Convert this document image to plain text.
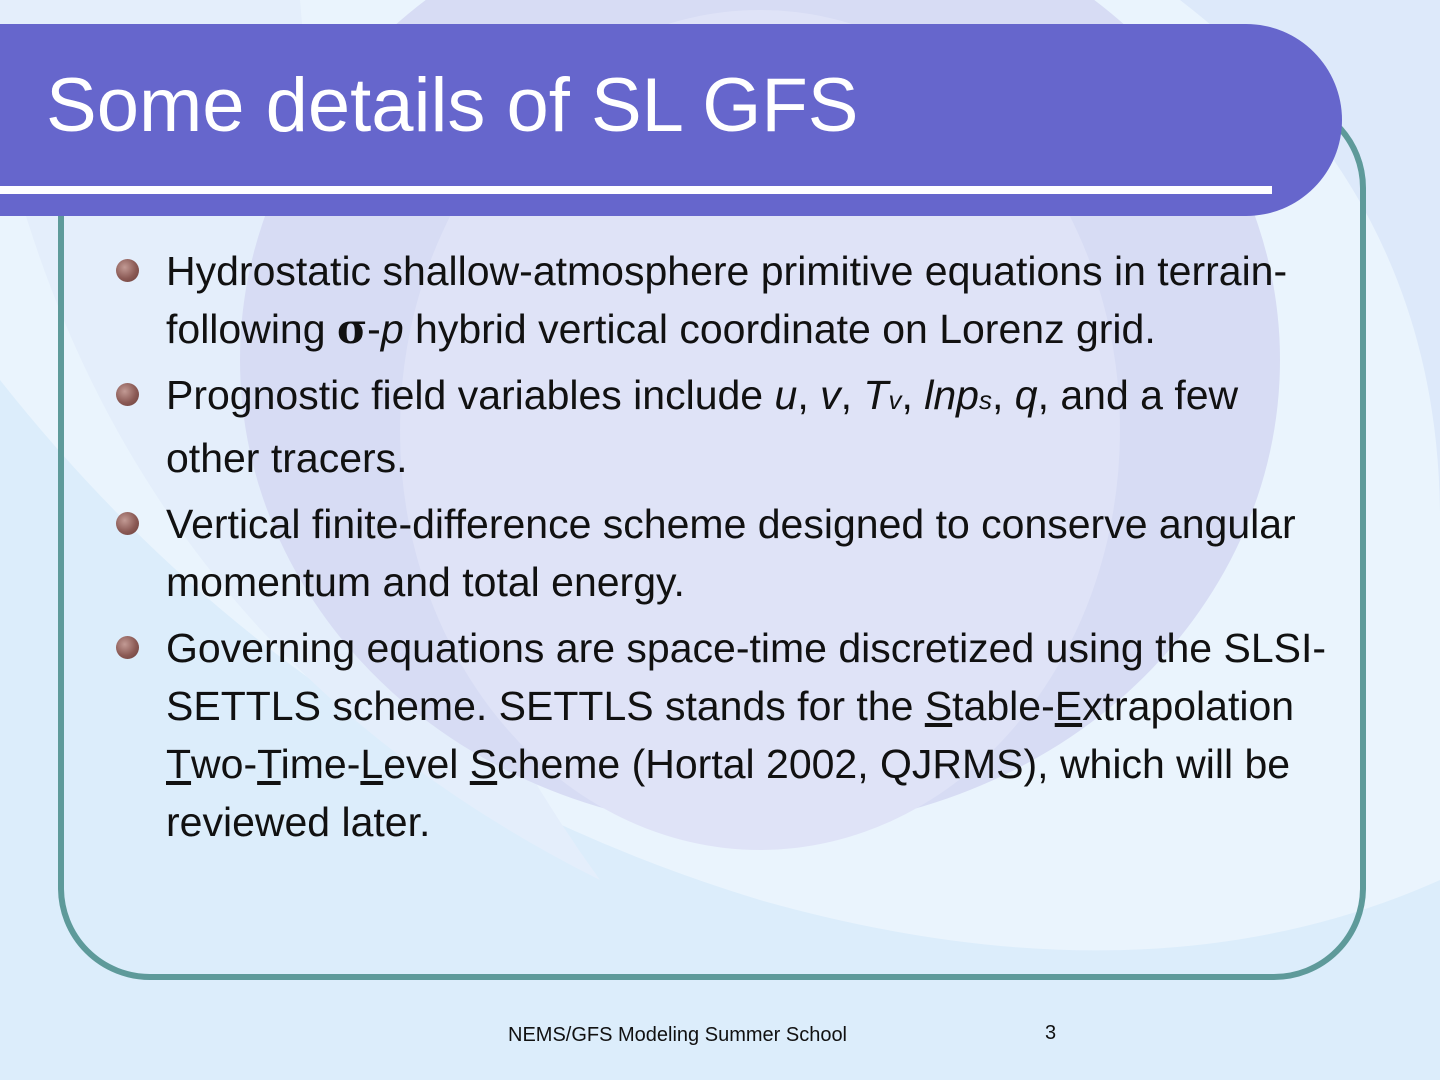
Some details of SL GFS
Hydrostatic shallow-atmosphere primitive equations in terrain-following σ-p hybrid vertical coordinate on Lorenz grid.
Prognostic field variables include u, v, Tv, lnps, q, and a few other tracers.
Vertical finite-difference scheme designed to conserve angular momentum and total energy.
Governing equations are space-time discretized using the SLSI-SETTLS scheme. SETTLS stands for the Stable-Extrapolation Two-Time-Level Scheme (Hortal 2002, QJRMS), which will be reviewed later.
NEMS/GFS Modeling Summer School	3
